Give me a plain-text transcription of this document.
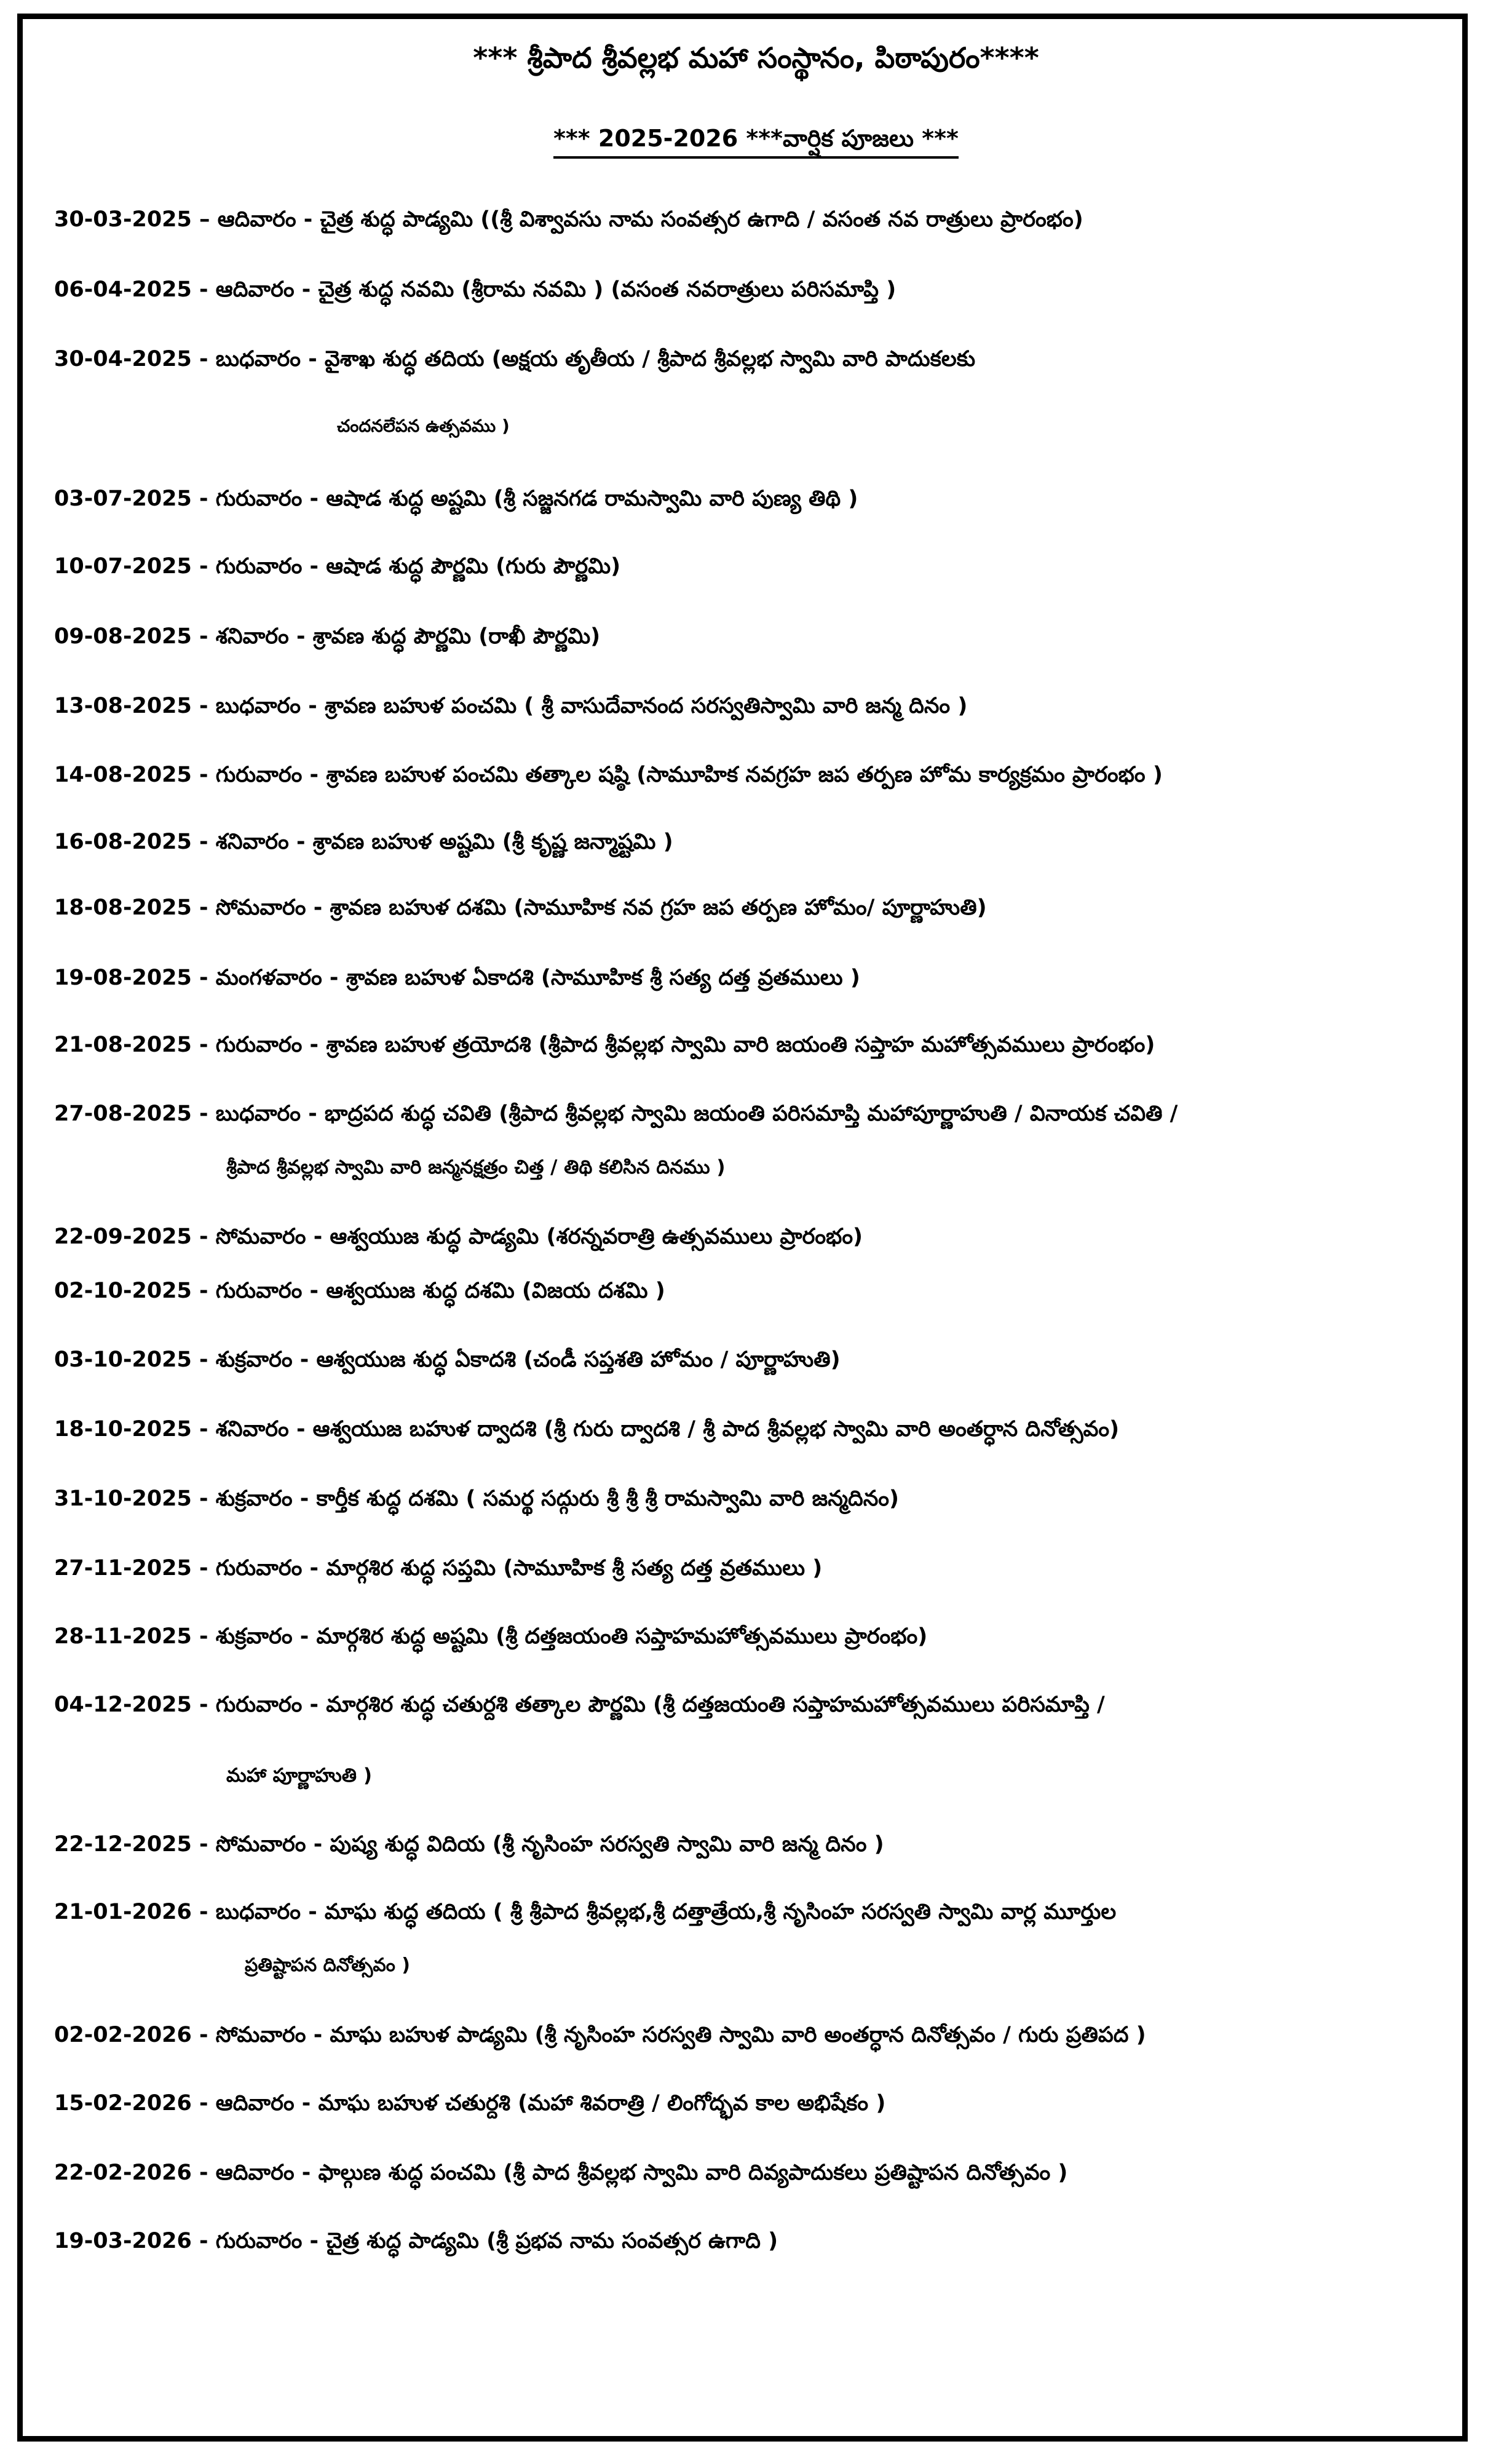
*** శ్రీపాద శ్రీవల్లభ మహా సంస్థానం, పిఠాపురం****
*** 2025-2026 ***వార్షిక పూజలు ***
30-03-2025 – ఆదివారం - చైత్ర శుద్ధ పాడ్యమి ((శ్రీ విశ్వావసు నామ సంవత్సర ఉగాది / వసంత నవ రాత్రులు ప్రారంభం)
06-04-2025 - ఆదివారం - చైత్ర శుద్ధ నవమి (శ్రీరామ నవమి ) (వసంత నవరాత్రులు పరిసమాప్తి )
30-04-2025 - బుధవారం - వైశాఖ శుద్ధ తదియ (అక్షయ తృతీయ / శ్రీపాద శ్రీవల్లభ స్వామి వారి పాదుకలకు
చందనలేపన ఉత్సవము )
03-07-2025 - గురువారం - ఆషాడ శుద్ధ అష్టమి (శ్రీ సజ్జనగడ రామస్వామి వారి పుణ్య తిథి )
10-07-2025 - గురువారం - ఆషాడ శుద్ధ పౌర్ణమి (గురు పౌర్ణమి)
09-08-2025 - శనివారం - శ్రావణ శుద్ధ పౌర్ణమి (రాఖీ పౌర్ణమి)
13-08-2025 - బుధవారం - శ్రావణ బహుళ పంచమి ( శ్రీ వాసుదేవానంద సరస్వతిస్వామి వారి జన్మ దినం )
14-08-2025 - గురువారం - శ్రావణ బహుళ పంచమి తత్కాల షష్ఠి (సామూహిక నవగ్రహ జప తర్పణ హోమ కార్యక్రమం ప్రారంభం )
16-08-2025 - శనివారం - శ్రావణ బహుళ అష్టమి (శ్రీ కృష్ణ జన్మాష్టమి )
18-08-2025 - సోమవారం - శ్రావణ బహుళ దశమి (సామూహిక నవ గ్రహ జప తర్పణ హోమం/ పూర్ణాహుతి)
19-08-2025 - మంగళవారం - శ్రావణ బహుళ ఏకాదశి (సామూహిక శ్రీ సత్య దత్త వ్రతములు )
21-08-2025 - గురువారం - శ్రావణ బహుళ త్రయోదశి (శ్రీపాద శ్రీవల్లభ స్వామి వారి జయంతి సప్తాహ మహోత్సవములు ప్రారంభం)
27-08-2025 - బుధవారం - భాద్రపద శుద్ధ చవితి (శ్రీపాద శ్రీవల్లభ స్వామి జయంతి పరిసమాప్తి మహాపూర్ణాహుతి / వినాయక చవితి /
శ్రీపాద శ్రీవల్లభ స్వామి వారి జన్మనక్షత్రం చిత్త / తిథి కలిసిన దినము )
22-09-2025 - సోమవారం - ఆశ్వయుజ శుద్ధ పాడ్యమి (శరన్నవరాత్రి ఉత్సవములు ప్రారంభం)
02-10-2025 - గురువారం - ఆశ్వయుజ శుద్ధ దశమి (విజయ దశమి )
03-10-2025 - శుక్రవారం - ఆశ్వయుజ శుద్ధ ఏకాదశి (చండీ సప్తశతి హోమం / పూర్ణాహుతి)
18-10-2025 - శనివారం - ఆశ్వయుజ బహుళ ద్వాదశి (శ్రీ గురు ద్వాదశి / శ్రీ పాద శ్రీవల్లభ స్వామి వారి అంతర్ధాన దినోత్సవం)
31-10-2025 - శుక్రవారం - కార్తీక శుద్ధ దశమి ( సమర్థ సద్గురు శ్రీ శ్రీ శ్రీ రామస్వామి వారి జన్మదినం)
27-11-2025 - గురువారం - మార్గశిర శుద్ధ సప్తమి (సామూహిక శ్రీ సత్య దత్త వ్రతములు )
28-11-2025 - శుక్రవారం - మార్గశిర శుద్ధ అష్టమి (శ్రీ దత్తజయంతి సప్తాహమహోత్సవములు ప్రారంభం)
04-12-2025 - గురువారం - మార్గశిర శుద్ధ చతుర్దశి తత్కాల పౌర్ణమి (శ్రీ దత్తజయంతి సప్తాహమహోత్సవములు పరిసమాప్తి /
మహా పూర్ణాహుతి )
22-12-2025 - సోమవారం - పుష్య శుద్ధ విదియ (శ్రీ నృసింహ సరస్వతి స్వామి వారి జన్మ దినం )
21-01-2026 - బుధవారం - మాఘ శుద్ధ తదియ ( శ్రీ శ్రీపాద శ్రీవల్లభ,శ్రీ దత్తాత్రేయ,శ్రీ నృసింహ సరస్వతి స్వామి వార్ల మూర్తుల
ప్రతిష్టాపన దినోత్సవం )
02-02-2026 - సోమవారం - మాఘ బహుళ పాడ్యమి (శ్రీ నృసింహ సరస్వతి స్వామి వారి అంతర్ధాన దినోత్సవం / గురు ప్రతిపద )
15-02-2026 - ఆదివారం - మాఘ బహుళ చతుర్దశి (మహా శివరాత్రి / లింగోద్భవ కాల అభిషేకం )
22-02-2026 - ఆదివారం - ఫాల్గుణ శుద్ధ పంచమి (శ్రీ పాద శ్రీవల్లభ స్వామి వారి దివ్యపాదుకలు ప్రతిష్టాపన దినోత్సవం )
19-03-2026 - గురువారం - చైత్ర శుద్ధ పాడ్యమి (శ్రీ ప్రభవ నామ సంవత్సర ఉగాది )
